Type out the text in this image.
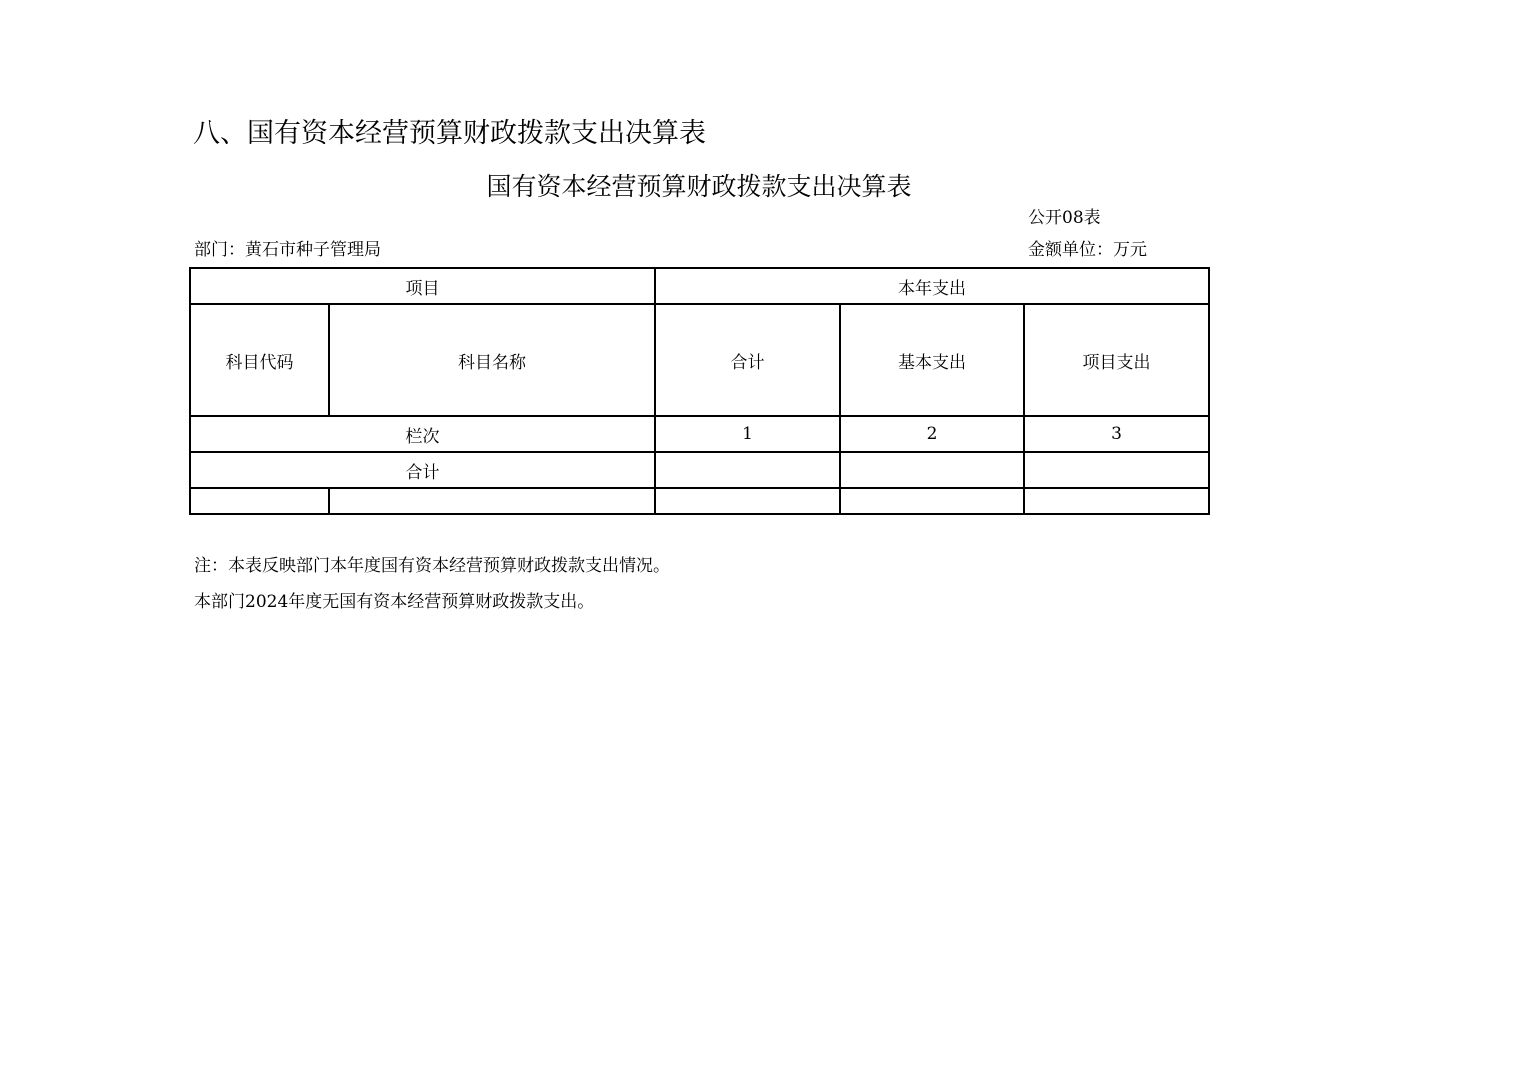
八、国有资本经营预算财政拨款支出决算表
国有资本经营预算财政拨款支出决算表
公开08表
部门：黄石市种子管理局	金额单位：万元
项目		本年支出		
科目代码	科目名称	合计	基本支出	项目支出
栏次		1	2	3
合计				

注：本表反映部门本年度国有资本经营预算财政拨款支出情况。
本部门2024年度无国有资本经营预算财政拨款支出。
